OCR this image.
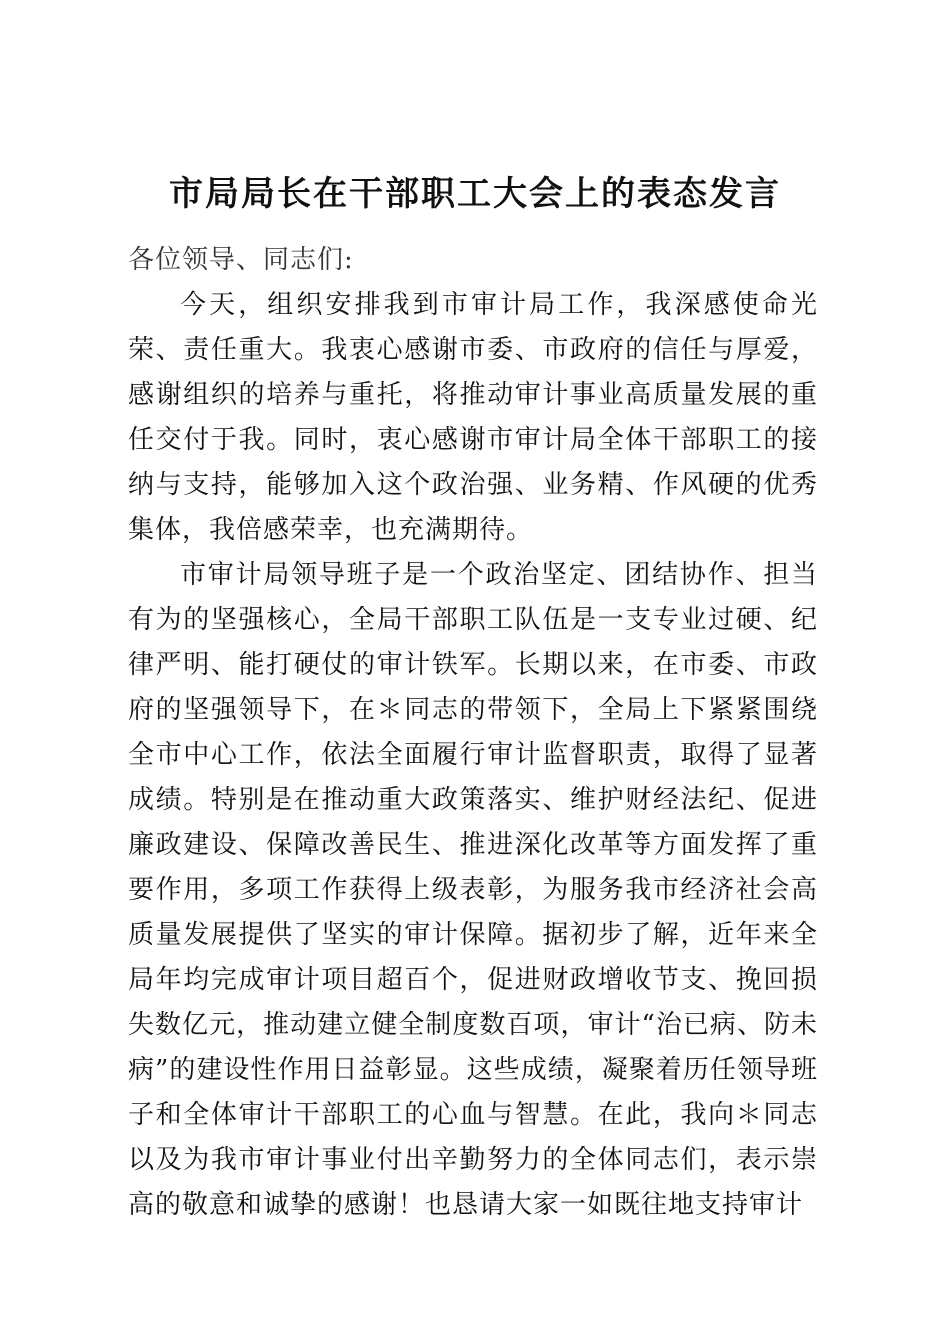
市局局长在干部职工大会上的表态发言

各位领导、同志们:

今天，组织安排我到市审计局工作，我深感使命光荣、责任重大。我衷心感谢市委、市政府的信任与厚爱，感谢组织的培养与重托，将推动审计事业高质量发展的重任交付于我。同时，衷心感谢市审计局全体干部职工的接纳与支持，能够加入这个政治强、业务精、作风硬的优秀集体，我倍感荣幸，也充满期待。

市审计局领导班子是一个政治坚定、团结协作、担当有为的坚强核心，全局干部职工队伍是一支专业过硬、纪律严明、能打硬仗的审计铁军。长期以来，在市委、市政府的坚强领导下，在＊同志的带领下，全局上下紧紧围绕全市中心工作，依法全面履行审计监督职责，取得了显著成绩。特别是在推动重大政策落实、维护财经法纪、促进廉政建设、保障改善民生、推进深化改革等方面发挥了重要作用，多项工作获得上级表彰，为服务我市经济社会高质量发展提供了坚实的审计保障。据初步了解，近年来全局年均完成审计项目超百个，促进财政增收节支、挽回损失数亿元，推动建立健全制度数百项，审计“治已病、防未病”的建设性作用日益彰显。这些成绩，凝聚着历任领导班子和全体审计干部职工的心血与智慧。在此，我向＊同志以及为我市审计事业付出辛勤努力的全体同志们，表示崇高的敬意和诚挚的感谢！也恳请大家一如既往地支持审计
